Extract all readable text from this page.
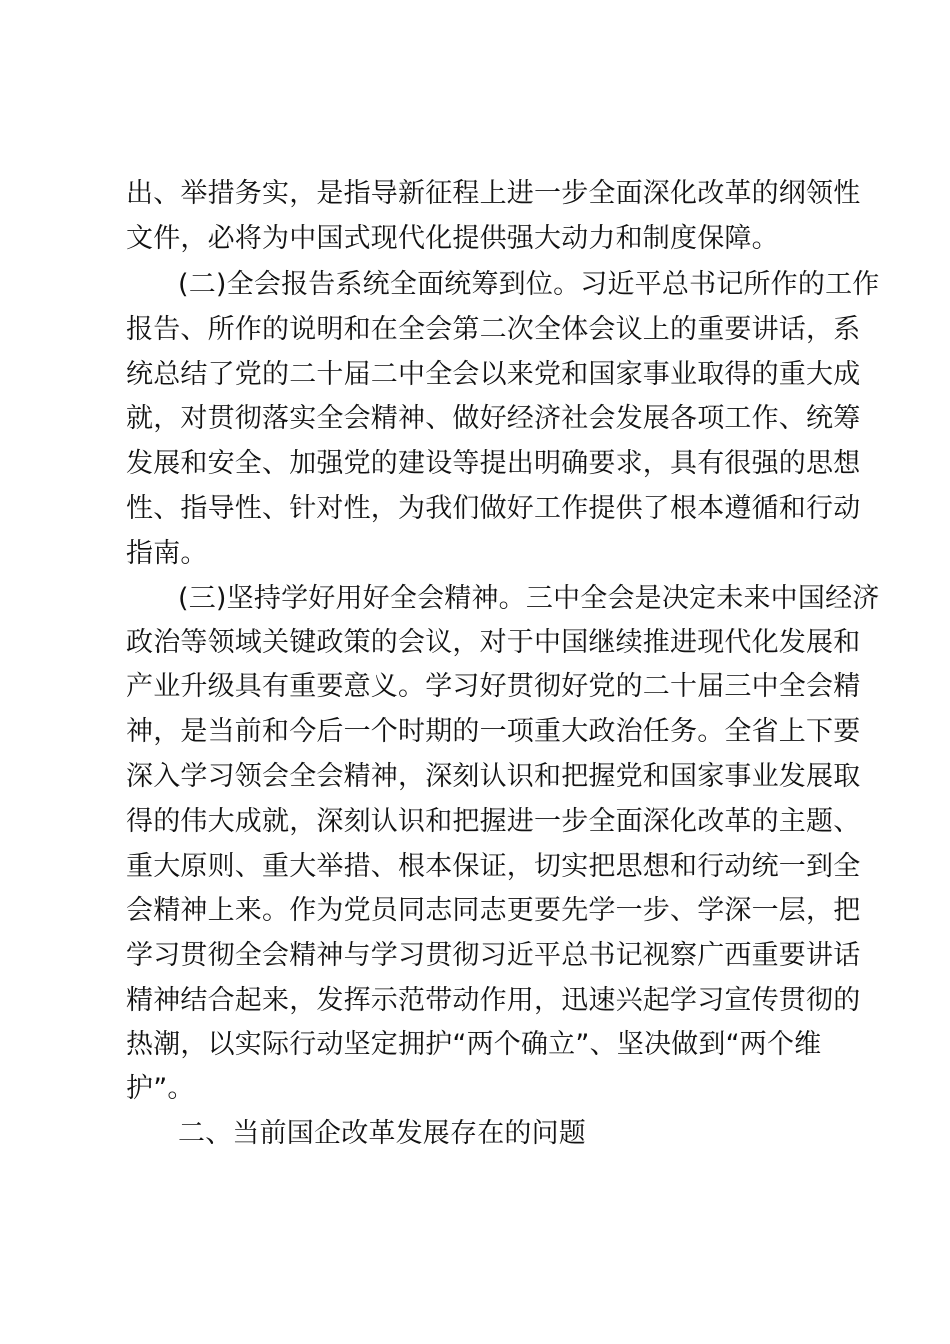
出、举措务实，是指导新征程上进一步全面深化改革的纲领性
文件，必将为中国式现代化提供强大动力和制度保障。
(二)全会报告系统全面统筹到位。习近平总书记所作的工作
报告、所作的说明和在全会第二次全体会议上的重要讲话，系
统总结了党的二十届二中全会以来党和国家事业取得的重大成
就，对贯彻落实全会精神、做好经济社会发展各项工作、统筹
发展和安全、加强党的建设等提出明确要求，具有很强的思想
性、指导性、针对性，为我们做好工作提供了根本遵循和行动
指南。
(三)坚持学好用好全会精神。三中全会是决定未来中国经济
政治等领域关键政策的会议，对于中国继续推进现代化发展和
产业升级具有重要意义。学习好贯彻好党的二十届三中全会精
神，是当前和今后一个时期的一项重大政治任务。全省上下要
深入学习领会全会精神，深刻认识和把握党和国家事业发展取
得的伟大成就，深刻认识和把握进一步全面深化改革的主题、
重大原则、重大举措、根本保证，切实把思想和行动统一到全
会精神上来。作为党员同志同志更要先学一步、学深一层，把
学习贯彻全会精神与学习贯彻习近平总书记视察广西重要讲话
精神结合起来，发挥示范带动作用，迅速兴起学习宣传贯彻的
热潮，以实际行动坚定拥护“两个确立”、坚决做到“两个维
护”。
二、当前国企改革发展存在的问题
